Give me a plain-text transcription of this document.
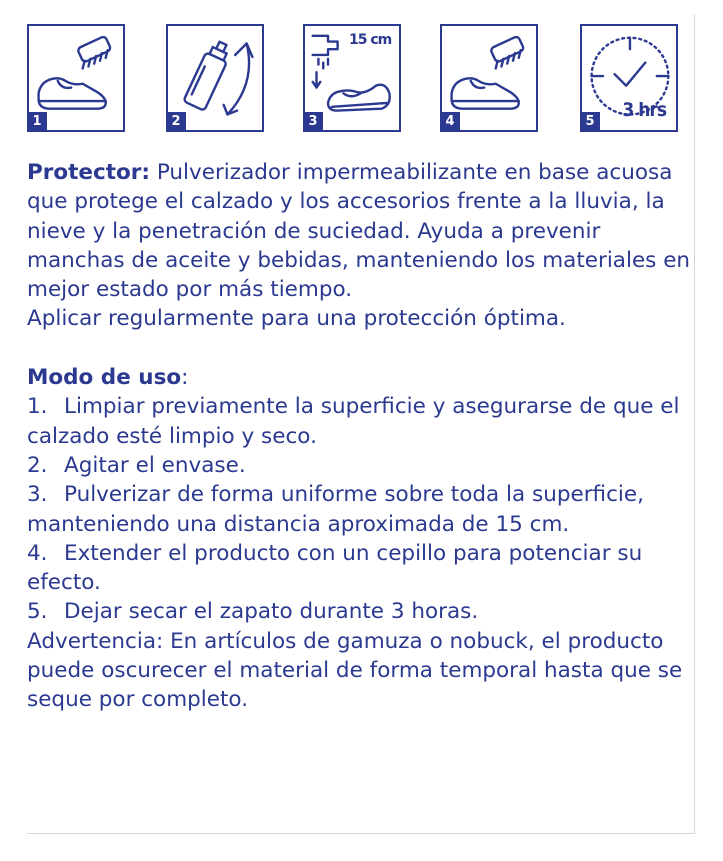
1	2
15 cm
3	4
3 hrs
5

Protector: Pulverizador impermeabilizante en base acuosa que protege el calzado y los accesorios frente a la lluvia, la nieve y la penetración de suciedad. Ayuda a prevenir manchas de aceite y bebidas, manteniendo los materiales en mejor estado por más tiempo.

Aplicar regularmente para una protección óptima.

Modo de uso:

1. Limpiar previamente la superficie y asegurarse de que el calzado esté limpio y seco.

2. Agitar el envase.

3. Pulverizar de forma uniforme sobre toda la superficie, manteniendo una distancia aproximada de 15 cm.

4. Extender el producto con un cepillo para potenciar su efecto.

5. Dejar secar el zapato durante 3 horas.

Advertencia: En artículos de gamuza o nobuck, el producto puede oscurecer el material de forma temporal hasta que se seque por completo.
